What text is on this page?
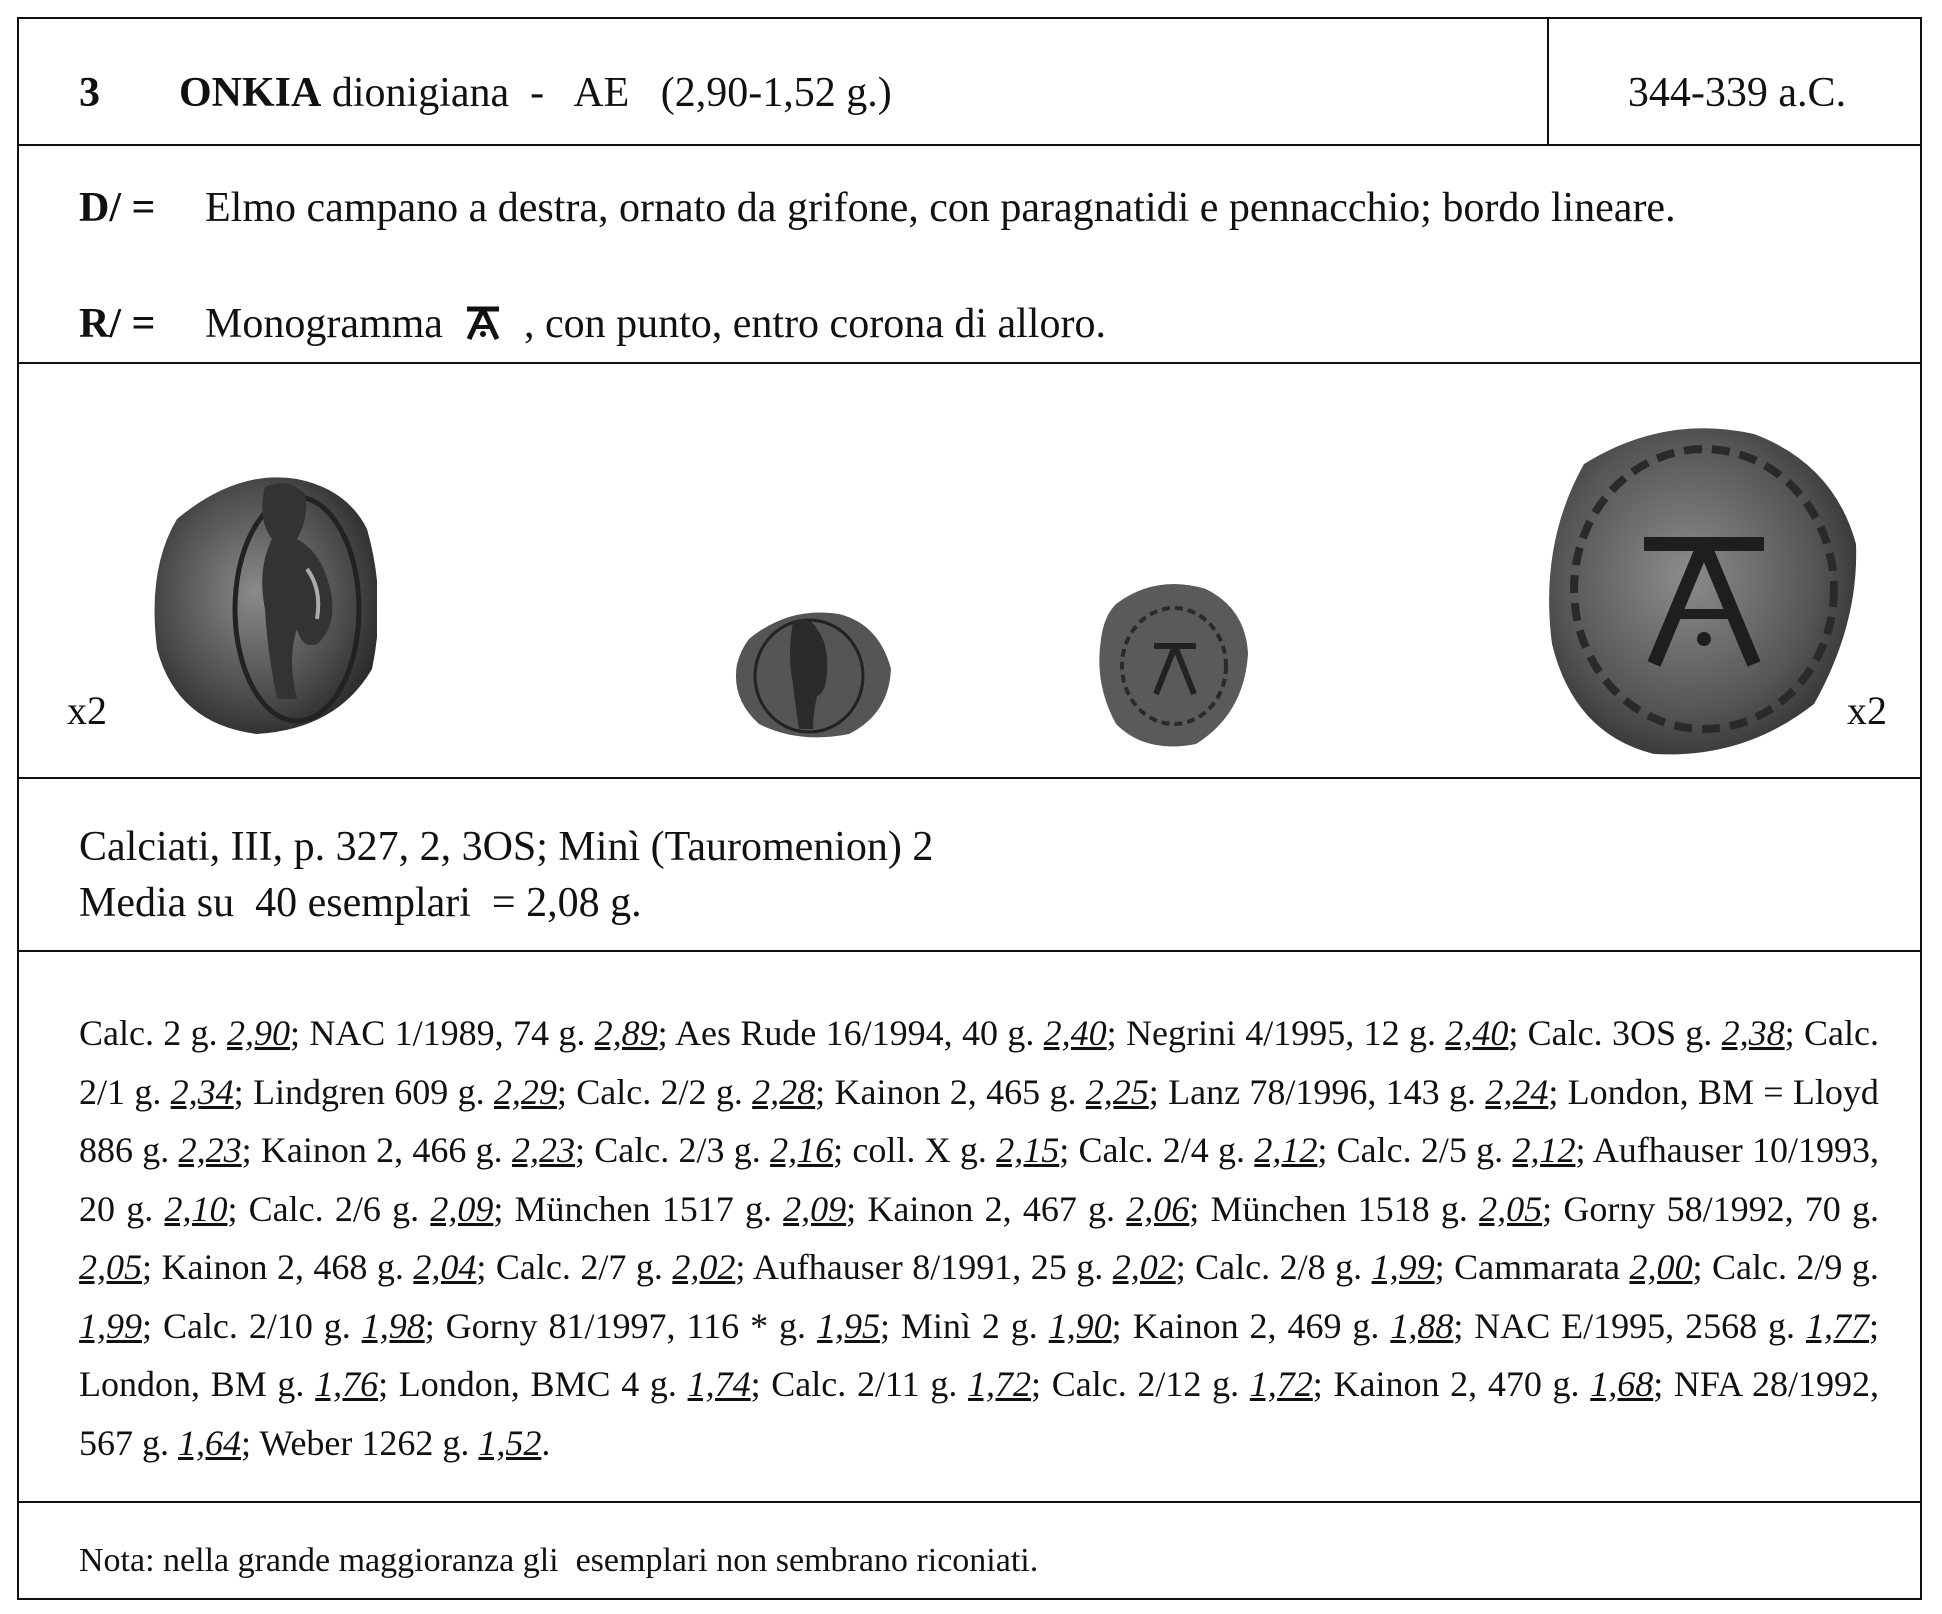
3 ONKIA dionigiana  -   AE   (2,90-1,52 g.)	344-339 a.C.
D/ =	Elmo campano a destra, ornato da grifone, con paragnatidi e pennacchio; bordo lineare.
R/ =	Monogramma , con punto, entro corona di alloro.
x2	x2
Calciati, III, p. 327, 2, 3OS; Minì (Tauromenion) 2
Media su  40 esemplari  = 2,08 g.
Calc. 2 g. 2,90; NAC 1/1989, 74 g. 2,89; Aes Rude 16/1994, 40 g. 2,40; Negrini 4/1995, 12 g. 2,40; Calc. 3OS g. 2,38; Calc. 2/1 g. 2,34; Lindgren 609 g. 2,29; Calc. 2/2 g. 2,28; Kainon 2, 465 g. 2,25; Lanz 78/1996, 143 g. 2,24; London, BM = Lloyd 886 g. 2,23; Kainon 2, 466 g. 2,23; Calc. 2/3 g. 2,16; coll. X g. 2,15; Calc. 2/4 g. 2,12; Calc. 2/5 g. 2,12; Aufhauser 10/1993, 20 g. 2,10; Calc. 2/6 g. 2,09; München 1517 g. 2,09; Kainon 2, 467 g. 2,06; München 1518 g. 2,05; Gorny 58/1992, 70 g. 2,05; Kainon 2, 468 g. 2,04; Calc. 2/7 g. 2,02; Aufhauser 8/1991, 25 g. 2,02; Calc. 2/8 g. 1,99; Cammarata 2,00; Calc. 2/9 g. 1,99; Calc. 2/10 g. 1,98; Gorny 81/1997, 116 * g. 1,95; Minì 2 g. 1,90; Kainon 2, 469 g. 1,88; NAC E/1995, 2568 g. 1,77; London, BM g. 1,76; London, BMC 4 g. 1,74; Calc. 2/11 g. 1,72; Calc. 2/12 g. 1,72; Kainon 2, 470 g. 1,68; NFA 28/1992, 567 g. 1,64; Weber 1262 g. 1,52.
Nota: nella grande maggioranza gli  esemplari non sembrano riconiati.
